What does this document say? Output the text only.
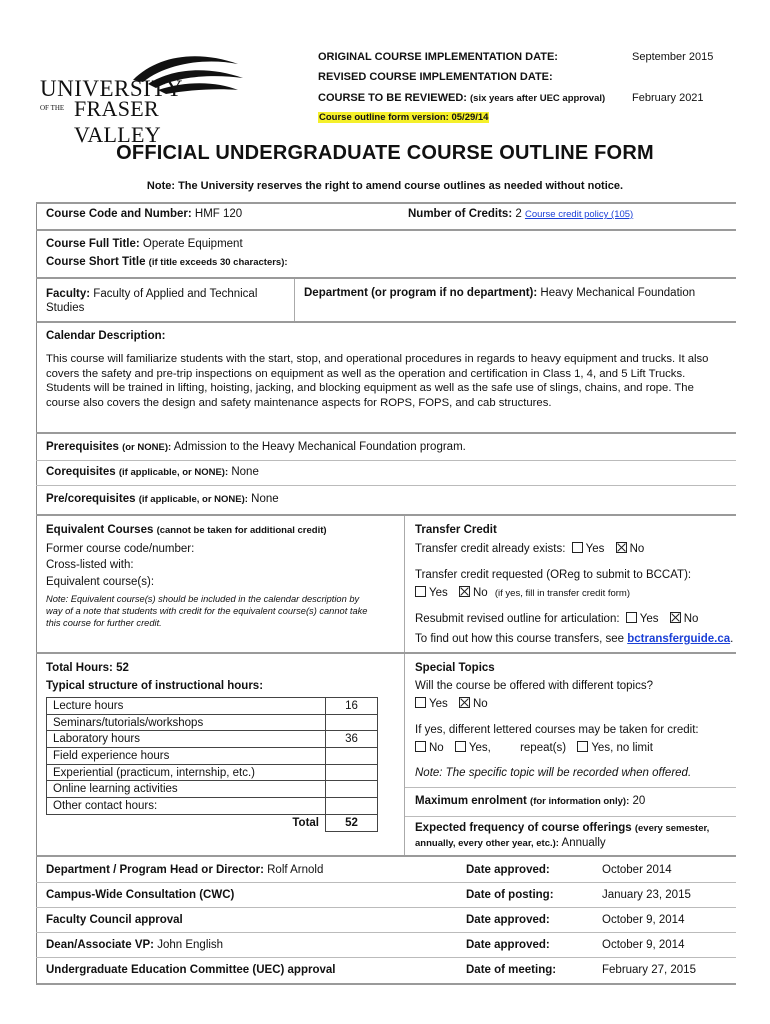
UNIVERSITY
OF THE FRASER VALLEY
ORIGINAL COURSE IMPLEMENTATION DATE:	September 2015
REVISED COURSE IMPLEMENTATION DATE:
COURSE TO BE REVIEWED: (six years after UEC approval) February 2021
Course outline form version: 05/29/14
OFFICIAL UNDERGRADUATE COURSE OUTLINE FORM
Note: The University reserves the right to amend course outlines as needed without notice.
Course Code and Number: HMF 120	Number of Credits: 2 Course credit policy (105)
Course Full Title: Operate Equipment
Course Short Title (if title exceeds 30 characters):
Faculty: Faculty of Applied and Technical
Studies
Department (or program if no department): Heavy Mechanical Foundation
Calendar Description:
This course will familiarize students with the start, stop, and operational procedures in regards to heavy equipment and trucks. It also
covers the safety and pre-trip inspections on equipment as well as the operation and certification in Class 1, 4, and 5 Lift Trucks.
Students will be trained in lifting, hoisting, jacking, and blocking equipment as well as the safe use of slings, chains, and rope. The
course also covers the design and safety maintenance aspects for ROPS, FOPS, and cab structures.
Prerequisites (or NONE): Admission to the Heavy Mechanical Foundation program.
Corequisites (if applicable, or NONE): None
Pre/corequisites (if applicable, or NONE): None
Equivalent Courses (cannot be taken for additional credit)
Former course code/number:
Cross-listed with:
Equivalent course(s):
Note: Equivalent course(s) should be included in the calendar description by
way of a note that students with credit for the equivalent course(s) cannot take
this course for further credit.
Transfer Credit
Transfer credit already exists: Yes No
Transfer credit requested (OReg to submit to BCCAT):
Yes No (if yes, fill in transfer credit form)
Resubmit revised outline for articulation: Yes No
To find out how this course transfers, see bctransferguide.ca.
Total Hours: 52
Typical structure of instructional hours:
Lecture hours	16
Seminars/tutorials/workshops	
Laboratory hours	36
Field experience hours	
Experiential (practicum, internship, etc.)	
Online learning activities	
Other contact hours:	
Total	52
Special Topics
Will the course be offered with different topics?
Yes No
If yes, different lettered courses may be taken for credit:
No Yes,	repeat(s) Yes, no limit
Note: The specific topic will be recorded when offered.
Maximum enrolment (for information only): 20
Expected frequency of course offerings (every semester,
annually, every other year, etc.): Annually
Department / Program Head or Director: Rolf Arnold	Date approved:	October 2014
Campus-Wide Consultation (CWC)	Date of posting:	January 23, 2015
Faculty Council approval	Date approved:	October 9, 2014
Dean/Associate VP: John English	Date approved:	October 9, 2014
Undergraduate Education Committee (UEC) approval	Date of meeting:	February 27, 2015
